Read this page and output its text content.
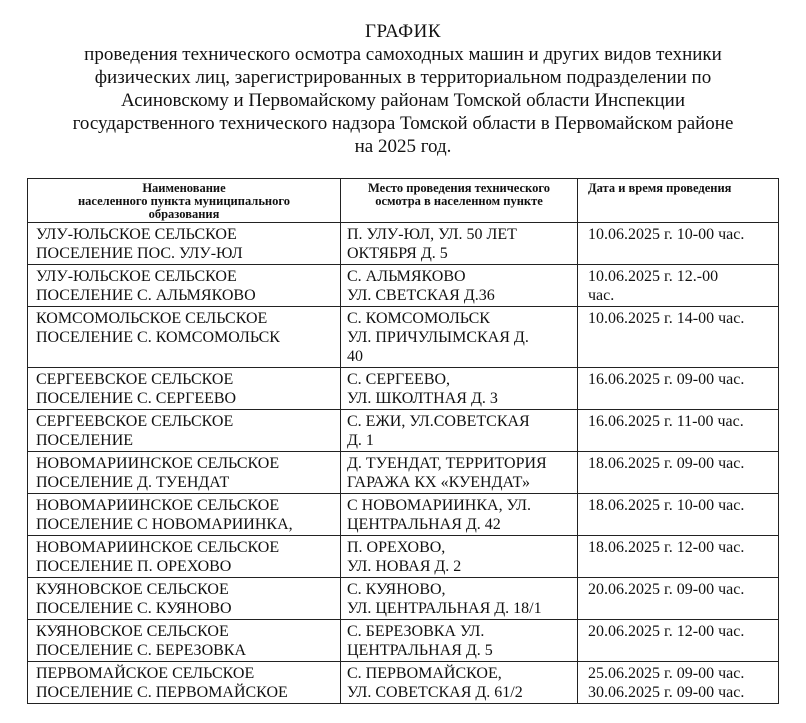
ГРАФИК
проведения технического осмотра самоходных машин и других видов техники
физических лиц, зарегистрированных в территориальном подразделении по
Асиновскому и Первомайскому районам Томской области Инспекции
государственного технического надзора Томской области в Первомайском районе
на 2025 год.
Наименование
населенного пункта муниципального
образования	Место проведения технического
осмотра в населенном пункте	Дата и время проведения

УЛУ-ЮЛЬСКОЕ СЕЛЬСКОЕ
ПОСЕЛЕНИЕ ПОС. УЛУ-ЮЛ	П. УЛУ-ЮЛ, УЛ. 50 ЛЕТ
ОКТЯБРЯ Д. 5	10.06.2025 г. 10-00 час.

УЛУ-ЮЛЬСКОЕ СЕЛЬСКОЕ
ПОСЕЛЕНИЕ С. АЛЬМЯКОВО	С. АЛЬМЯКОВО
УЛ. СВЕТСКАЯ Д.36	10.06.2025 г. 12.-00
час.

КОМСОМОЛЬСКОЕ СЕЛЬСКОЕ
ПОСЕЛЕНИЕ С. КОМСОМОЛЬСК	С. КОМСОМОЛЬСК
УЛ. ПРИЧУЛЫМСКАЯ Д.
40	10.06.2025 г. 14-00 час.

СЕРГЕЕВСКОЕ СЕЛЬСКОЕ
ПОСЕЛЕНИЕ С. СЕРГЕЕВО	С. СЕРГЕЕВО,
УЛ. ШКОЛТНАЯ Д. 3	16.06.2025 г. 09-00 час.

СЕРГЕЕВСКОЕ СЕЛЬСКОЕ
ПОСЕЛЕНИЕ	С. ЕЖИ, УЛ.СОВЕТСКАЯ
Д. 1	16.06.2025 г. 11-00 час.

НОВОМАРИИНСКОЕ СЕЛЬСКОЕ
ПОСЕЛЕНИЕ Д. ТУЕНДАТ	Д. ТУЕНДАТ, ТЕРРИТОРИЯ
ГАРАЖА КХ «КУЕНДАТ»	18.06.2025 г. 09-00 час.

НОВОМАРИИНСКОЕ СЕЛЬСКОЕ
ПОСЕЛЕНИЕ С НОВОМАРИИНКА,	С НОВОМАРИИНКА, УЛ.
ЦЕНТРАЛЬНАЯ Д. 42	18.06.2025 г. 10-00 час.

НОВОМАРИИНСКОЕ СЕЛЬСКОЕ
ПОСЕЛЕНИЕ П. ОРЕХОВО	П. ОРЕХОВО,
УЛ. НОВАЯ Д. 2	18.06.2025 г. 12-00 час.

КУЯНОВСКОЕ СЕЛЬСКОЕ
ПОСЕЛЕНИЕ С. КУЯНОВО	С. КУЯНОВО,
УЛ. ЦЕНТРАЛЬНАЯ Д. 18/1	20.06.2025 г. 09-00 час.

КУЯНОВСКОЕ СЕЛЬСКОЕ
ПОСЕЛЕНИЕ С. БЕРЕЗОВКА	С. БЕРЕЗОВКА УЛ.
ЦЕНТРАЛЬНАЯ Д. 5	20.06.2025 г. 12-00 час.

ПЕРВОМАЙСКОЕ СЕЛЬСКОЕ
ПОСЕЛЕНИЕ С. ПЕРВОМАЙСКОЕ	С. ПЕРВОМАЙСКОЕ,
УЛ. СОВЕТСКАЯ Д. 61/2	25.06.2025 г. 09-00 час.
30.06.2025 г. 09-00 час.
